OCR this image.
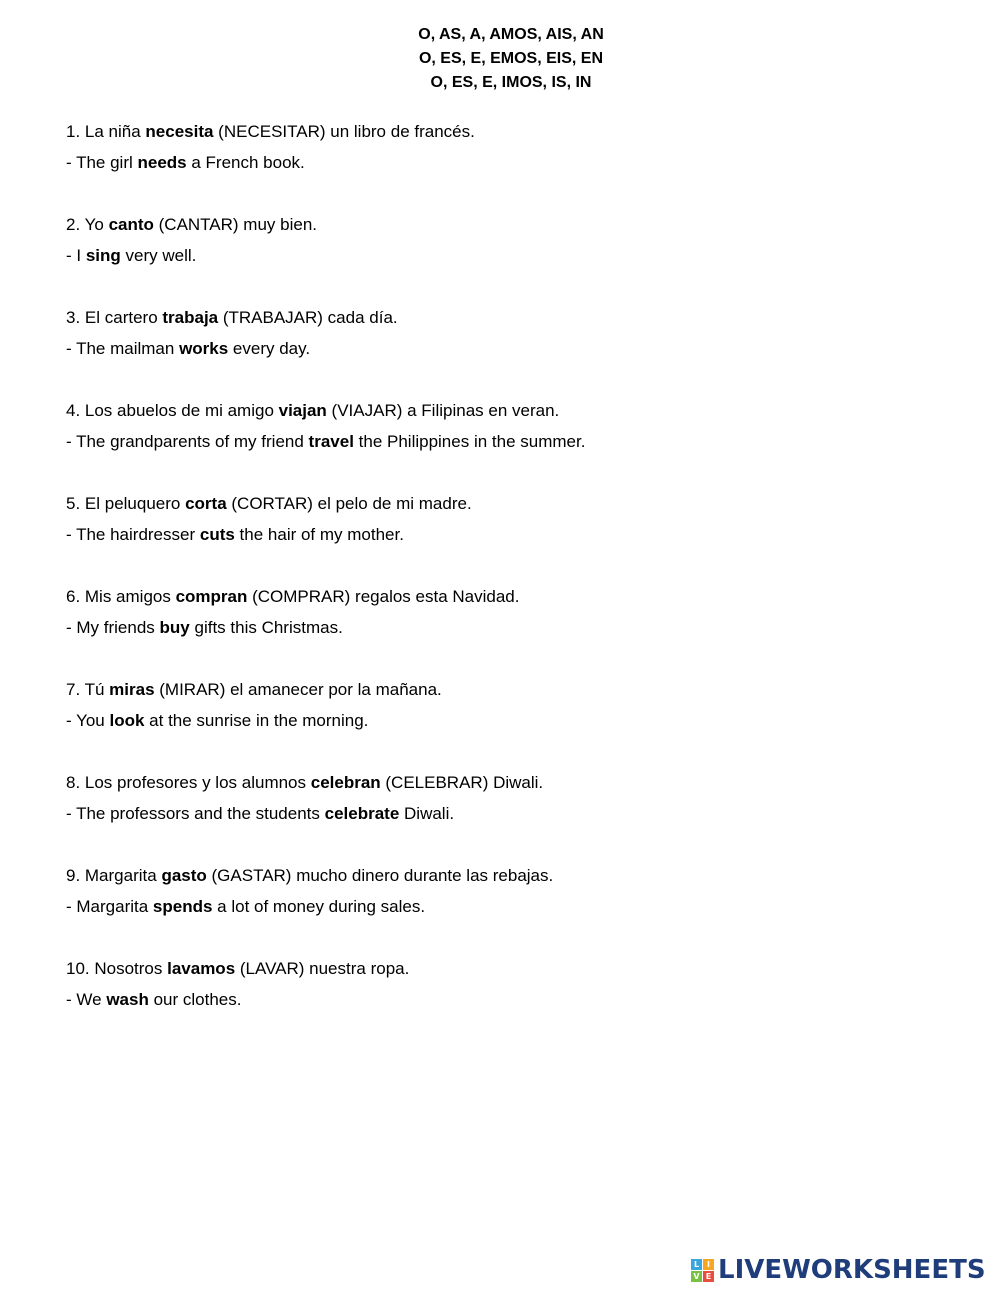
O, AS, A, AMOS, AIS, AN
O, ES, E, EMOS, EIS, EN
O, ES, E, IMOS, IS, IN
1. La niña necesita (NECESITAR) un libro de francés.
- The girl needs a French book.
2. Yo canto (CANTAR) muy bien.
- I sing very well.
3. El cartero trabaja (TRABAJAR) cada día.
- The mailman works every day.
4. Los abuelos de mi amigo viajan (VIAJAR) a Filipinas en veran.
- The grandparents of my friend travel the Philippines in the summer.
5. El peluquero corta (CORTAR) el pelo de mi madre.
- The hairdresser cuts the hair of my mother.
6. Mis amigos compran (COMPRAR) regalos esta Navidad.
- My friends buy gifts this Christmas.
7. Tú miras (MIRAR) el amanecer por la mañana.
- You look at the sunrise in the morning.
8. Los profesores y los alumnos celebran (CELEBRAR) Diwali.
- The professors and the students celebrate Diwali.
9. Margarita gasto (GASTAR) mucho dinero durante las rebajas.
- Margarita spends a lot of money during sales.
10. Nosotros lavamos (LAVAR) nuestra ropa.
- We wash our clothes.
L I
V E LIVEWORKSHEETS
